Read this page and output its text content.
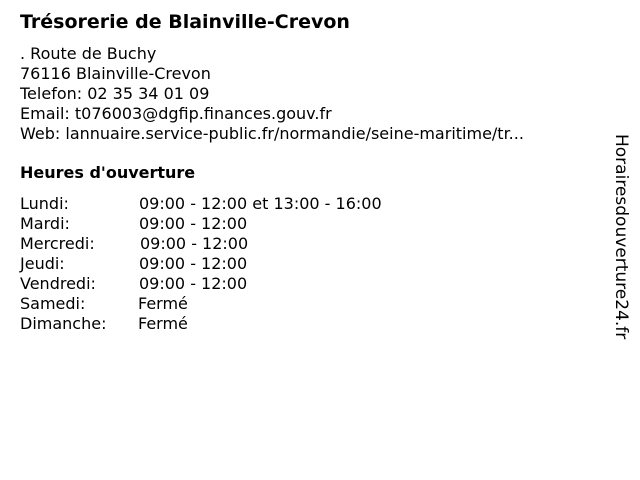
Trésorerie de Blainville-Crevon
. Route de Buchy
76116 Blainville-Crevon
Telefon: 02 35 34 01 09
Email: t076003@dgfip.finances.gouv.fr
Web: lannuaire.service-public.fr/normandie/seine-maritime/tr...
Heures d'ouverture
Lundi:	09:00 - 12:00 et 13:00 - 16:00
Mardi:	09:00 - 12:00
Mercredi:	09:00 - 12:00
Jeudi:	09:00 - 12:00
Vendredi:	09:00 - 12:00
Samedi:	Fermé
Dimanche: Fermé	Horairesdouverture24.fr
